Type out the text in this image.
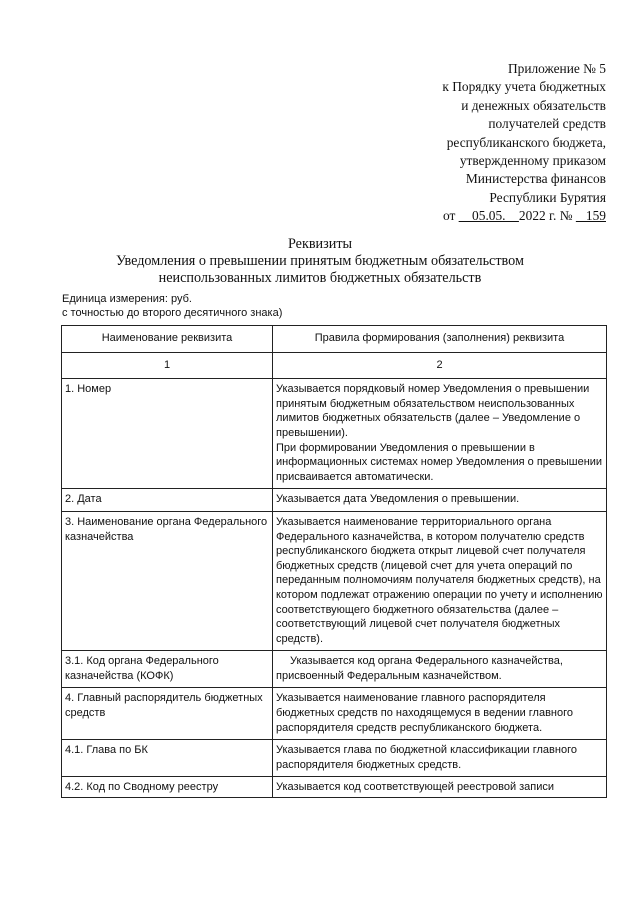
Приложение № 5
к Порядку учета бюджетных
и денежных обязательств
получателей средств
республиканского бюджета,
утвержденному приказом
Министерства финансов
Республики Бурятия
от     05.05.    2022 г. №    159
Реквизиты
Уведомления о превышении принятым бюджетным обязательством
неиспользованных лимитов бюджетных обязательств
Единица измерения: руб.
с точностью до второго десятичного знака)
Наименование реквизита	Правила формирования (заполнения) реквизита
1	2
1. Номер	Указывается порядковый номер Уведомления о превышении принятым бюджетным обязательством неиспользованных лимитов бюджетных обязательств (далее – Уведомление о превышении).
При формировании Уведомления о превышении в информационных системах номер Уведомления о превышении присваивается автоматически.

2. Дата	Указывается дата Уведомления о превышении.

3. Наименование органа Федерального казначейства	Указывается наименование территориального органа Федерального казначейства, в котором получателю средств республиканского бюджета открыт лицевой счет получателя бюджетных средств (лицевой счет для учета операций по переданным полномочиям получателя бюджетных средств), на котором подлежат отражению операции по учету и исполнению соответствующего бюджетного обязательства (далее – соответствующий лицевой счет получателя бюджетных средств).

3.1. Код органа Федерального казначейства (КОФК)	Указывается код органа Федерального казначейства, присвоенный Федеральным казначейством.

4. Главный распорядитель бюджетных средств	Указывается наименование главного распорядителя бюджетных средств по находящемуся в ведении главного распорядителя средств республиканского бюджета.

4.1. Глава по БК	Указывается глава по бюджетной классификации главного распорядителя бюджетных средств.

4.2. Код по Сводному реестру	Указывается код соответствующей реестровой записи
